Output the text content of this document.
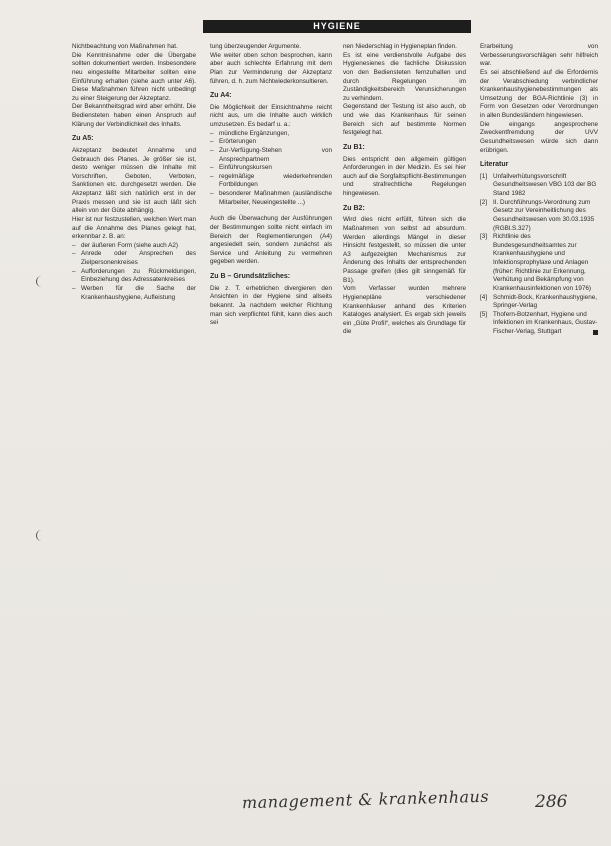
HYGIENE

Nichtbeachtung von Maßnahmen hat.

Die Kenntnisnahme oder die Übergabe sollten dokumentiert werden. Insbesondere neu eingestellte Mitarbeiter sollten eine Einführung erhalten (siehe auch unter A6). Diese Maßnahmen führen nicht unbedingt zu einer Steigerung der Akzeptanz.

Der Bekanntheitsgrad wird aber erhöht. Die Bediensteten haben einen Anspruch auf Klärung der Verbindlichkeit des Inhalts.

Zu A5:

Akzeptanz bedeutet Annahme und Gebrauch des Planes. Je größer sie ist, desto weniger müssen die Inhalte mit Vorschriften, Geboten, Verboten, Sanktionen etc. durchgesetzt werden. Die Akzeptanz läßt sich natürlich erst in der Praxis messen und sie ist auch läßt sich allein von der Güte abhängig.

Hier ist nur festzustellen, welchen Wert man auf die Annahme des Planes gelegt hat, erkennbar z. B. an:

– der äußeren Form (siehe auch A2)
– Anrede oder Ansprechen des Zielpersonenkreises
– Aufforderungen zu Rückmeldungen, Einbeziehung des Adressatenkreises
– Werben für die Sache der Krankenhaushygiene, Aufleistung

tung überzeugender Argumente.

Wie weiter oben schon besprochen, kann aber auch schlechte Erfahrung mit dem Plan zur Verminderung der Akzeptanz führen, d. h. zum Nichtwiederkonsultieren.

Zu A4:

Die Möglichkeit der Einsichtnahme reicht nicht aus, um die Inhalte auch wirklich umzusetzen. Es bedarf u. a.:

– mündliche Ergänzungen,
– Erörterungen
– Zur-Verfügung-Stehen von Ansprechpartnern
– Einführungskursen
– regelmäßige wiederkehrenden Fortbildungen
– besonderer Maßnahmen (ausländische Mitarbeiter, Neueingestellte ...)

Auch die Überwachung der Ausführungen der Bestimmungen sollte nicht einfach im Bereich der Reglementierungen (A4) angesiedelt sein, sondern zunächst als Service und Anleitung zu vermehren gegeben werden.

Zu B – Grundsätzliches:

Die z. T. erheblichen divergieren den Ansichten in der Hygiene sind allseits bekannt. Ja nachdem welcher Richtung man sich verpflichtet fühlt, kann dies auch sei

nen Niederschlag in Hygieneplan finden.

Es ist eine verdienstvolle Aufgabe des Hygienesienes die fachliche Diskussion von den Bediensteten fernzuhalten und durch Regelungen im Zuständigkeitsbereich Verunsicherungen zu verhindern.

Gegenstand der Testung ist also auch, ob und wie das Krankenhaus für seinen Bereich sich auf bestimmte Normen festgelegt hat.

Zu B1:

Dies entspricht den allgemein gültigen Anforderungen in der Medizin. Es sei hier auch auf die Sorgfaltspflicht-Bestimmungen und strafrechtliche Regelungen hingewiesen.

Zu B2:

Wird dies nicht erfüllt, führen sich die Maßnahmen von selbst ad absurdum. Werden allerdings Mängel in dieser Hinsicht festgestellt, so müssen die unter A3 aufgezeigten Mechanismus zur Änderung des Inhalts der entsprechenden Passage greifen (dies gilt sinngemäß für B1).

Vom Verfasser wurden mehrere Hygienepläne verschiedener Krankenhäuser anhand des Kriterien Kataloges analysiert. Es ergab sich jeweils ein „Güte Profil“, welches als Grundlage für die

Erarbeitung von Verbesserungsvorschlägen sehr hilfreich war.

Es sei abschließend auf die Erfordernis der Verabschiedung verbindlicher Krankenhaushygienebestimmungen als Umsetzung der BGA-Richtlinie (3) in Form von Gesetzen oder Verordnungen in allen Bundesländern hingewiesen.

Die eingangs angesprochene Zweckentfremdung der UVV Gesundheitswesen würde sich dann erübrigen.

Literatur
[1] Unfallverhütungsvorschrift Gesundheitswesen VBG 103 der BG Stand 1982
[2] II. Durchführungs-Verordnung zum Gesetz zur Vereinheitlichung des Gesundheitswesen vom 30.03.1935 (RGBl.S.327)
[3] Richtlinie des Bundesgesundheitsamtes zur Krankenhaushygiene und Infektionsprophylaxe und Anlagen (früher: Richtlinie zur Erkennung, Verhütung und Bekämpfung von Krankenhausinfektionen von 1976)
[4] Schmidt-Bock, Krankenhaushygiene, Springer-Verlag
[5] Thofern-Botzenhart, Hygiene und Infektionen im Krankenhaus, Gustav-Fischer-Verlag, Stuttgart
management & krankenhaus	286
